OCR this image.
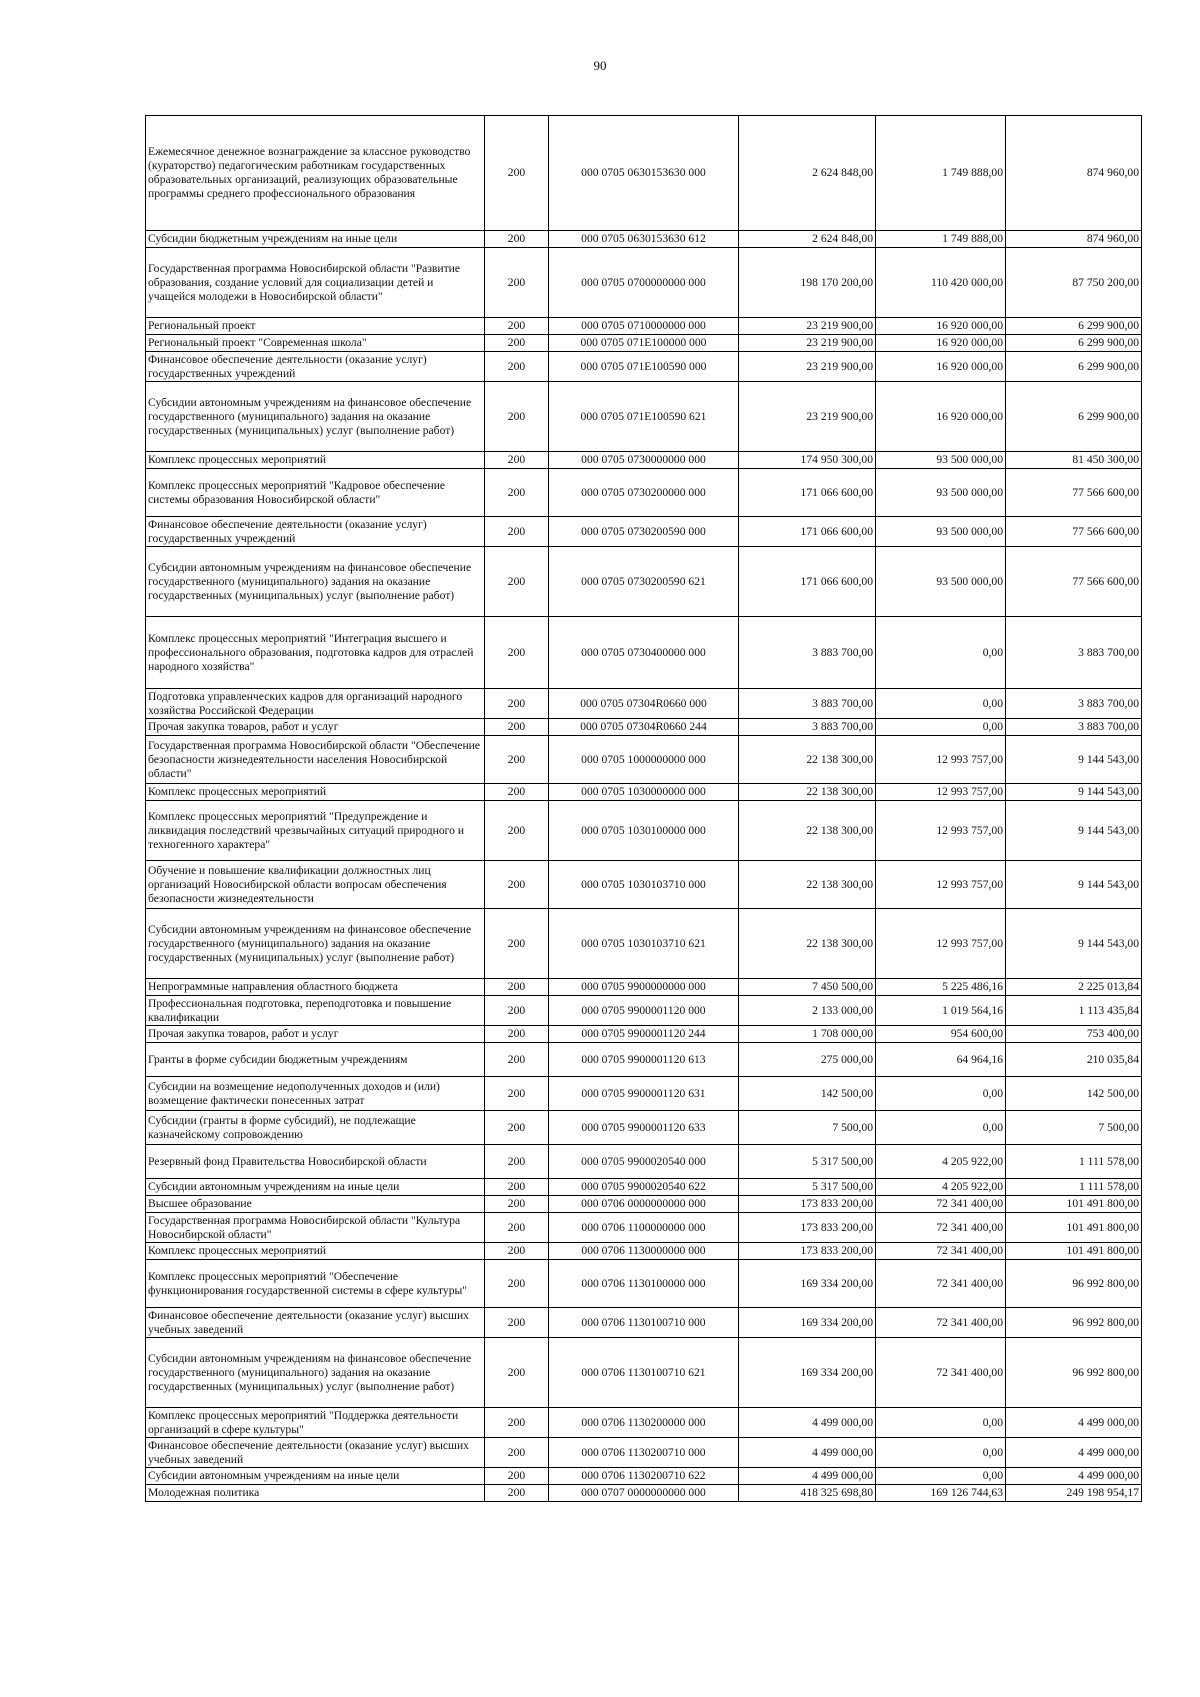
90
Ежемесячное денежное вознаграждение за классное руководство (кураторство) педагогическим работникам государственных образовательных организаций, реализующих образовательные программы среднего профессионального образования	200	000 0705 0630153630 000	2 624 848,00	1 749 888,00	874 960,00
Субсидии бюджетным учреждениям на иные цели	200	000 0705 0630153630 612	2 624 848,00	1 749 888,00	874 960,00
Государственная программа Новосибирской области "Развитие образования, создание условий для социализации детей и учащейся молодежи в Новосибирской области"	200	000 0705 0700000000 000	198 170 200,00	110 420 000,00	87 750 200,00
Региональный проект	200	000 0705 0710000000 000	23 219 900,00	16 920 000,00	6 299 900,00
Региональный проект "Современная школа"	200	000 0705 071E100000 000	23 219 900,00	16 920 000,00	6 299 900,00
Финансовое обеспечение деятельности (оказание услуг) государственных учреждений	200	000 0705 071E100590 000	23 219 900,00	16 920 000,00	6 299 900,00
Субсидии автономным учреждениям на финансовое обеспечение государственного (муниципального) задания на оказание государственных (муниципальных) услуг (выполнение работ)	200	000 0705 071E100590 621	23 219 900,00	16 920 000,00	6 299 900,00
Комплекс процессных мероприятий	200	000 0705 0730000000 000	174 950 300,00	93 500 000,00	81 450 300,00
Комплекс процессных мероприятий "Кадровое обеспечение системы образования Новосибирской области"	200	000 0705 0730200000 000	171 066 600,00	93 500 000,00	77 566 600,00
Финансовое обеспечение деятельности (оказание услуг) государственных учреждений	200	000 0705 0730200590 000	171 066 600,00	93 500 000,00	77 566 600,00
Субсидии автономным учреждениям на финансовое обеспечение государственного (муниципального) задания на оказание государственных (муниципальных) услуг (выполнение работ)	200	000 0705 0730200590 621	171 066 600,00	93 500 000,00	77 566 600,00
Комплекс процессных мероприятий "Интеграция высшего и профессионального образования, подготовка кадров для отраслей народного хозяйства"	200	000 0705 0730400000 000	3 883 700,00	0,00	3 883 700,00
Подготовка управленческих кадров для организаций народного хозяйства Российской Федерации	200	000 0705 07304R0660 000	3 883 700,00	0,00	3 883 700,00
Прочая закупка товаров, работ и услуг	200	000 0705 07304R0660 244	3 883 700,00	0,00	3 883 700,00
Государственная программа Новосибирской области "Обеспечение безопасности жизнедеятельности населения Новосибирской области"	200	000 0705 1000000000 000	22 138 300,00	12 993 757,00	9 144 543,00
Комплекс процессных мероприятий	200	000 0705 1030000000 000	22 138 300,00	12 993 757,00	9 144 543,00
Комплекс процессных мероприятий "Предупреждение и ликвидация последствий чрезвычайных ситуаций природного и техногенного характера"	200	000 0705 1030100000 000	22 138 300,00	12 993 757,00	9 144 543,00
Обучение и повышение квалификации должностных лиц организаций Новосибирской области вопросам обеспечения безопасности жизнедеятельности	200	000 0705 1030103710 000	22 138 300,00	12 993 757,00	9 144 543,00
Субсидии автономным учреждениям на финансовое обеспечение государственного (муниципального) задания на оказание государственных (муниципальных) услуг (выполнение работ)	200	000 0705 1030103710 621	22 138 300,00	12 993 757,00	9 144 543,00
Непрограммные направления областного бюджета	200	000 0705 9900000000 000	7 450 500,00	5 225 486,16	2 225 013,84
Профессиональная подготовка, переподготовка и повышение квалификации	200	000 0705 9900001120 000	2 133 000,00	1 019 564,16	1 113 435,84
Прочая закупка товаров, работ и услуг	200	000 0705 9900001120 244	1 708 000,00	954 600,00	753 400,00
Гранты в форме субсидии бюджетным учреждениям	200	000 0705 9900001120 613	275 000,00	64 964,16	210 035,84
Субсидии на возмещение недополученных доходов и (или) возмещение фактически понесенных затрат	200	000 0705 9900001120 631	142 500,00	0,00	142 500,00
Субсидии (гранты в форме субсидий), не подлежащие казначейскому сопровождению	200	000 0705 9900001120 633	7 500,00	0,00	7 500,00
Резервный фонд Правительства Новосибирской области	200	000 0705 9900020540 000	5 317 500,00	4 205 922,00	1 111 578,00
Субсидии автономным учреждениям на иные цели	200	000 0705 9900020540 622	5 317 500,00	4 205 922,00	1 111 578,00
Высшее образование	200	000 0706 0000000000 000	173 833 200,00	72 341 400,00	101 491 800,00
Государственная программа Новосибирской области "Культура Новосибирской области"	200	000 0706 1100000000 000	173 833 200,00	72 341 400,00	101 491 800,00
Комплекс процессных мероприятий	200	000 0706 1130000000 000	173 833 200,00	72 341 400,00	101 491 800,00
Комплекс процессных мероприятий "Обеспечение функционирования государственной системы в сфере культуры"	200	000 0706 1130100000 000	169 334 200,00	72 341 400,00	96 992 800,00
Финансовое обеспечение деятельности (оказание услуг) высших учебных заведений	200	000 0706 1130100710 000	169 334 200,00	72 341 400,00	96 992 800,00
Субсидии автономным учреждениям на финансовое обеспечение государственного (муниципального) задания на оказание государственных (муниципальных) услуг (выполнение работ)	200	000 0706 1130100710 621	169 334 200,00	72 341 400,00	96 992 800,00
Комплекс процессных мероприятий "Поддержка деятельности организаций в сфере культуры"	200	000 0706 1130200000 000	4 499 000,00	0,00	4 499 000,00
Финансовое обеспечение деятельности (оказание услуг) высших учебных заведений	200	000 0706 1130200710 000	4 499 000,00	0,00	4 499 000,00
Субсидии автономным учреждениям на иные цели	200	000 0706 1130200710 622	4 499 000,00	0,00	4 499 000,00
Молодежная политика	200	000 0707 0000000000 000	418 325 698,80	169 126 744,63	249 198 954,17
